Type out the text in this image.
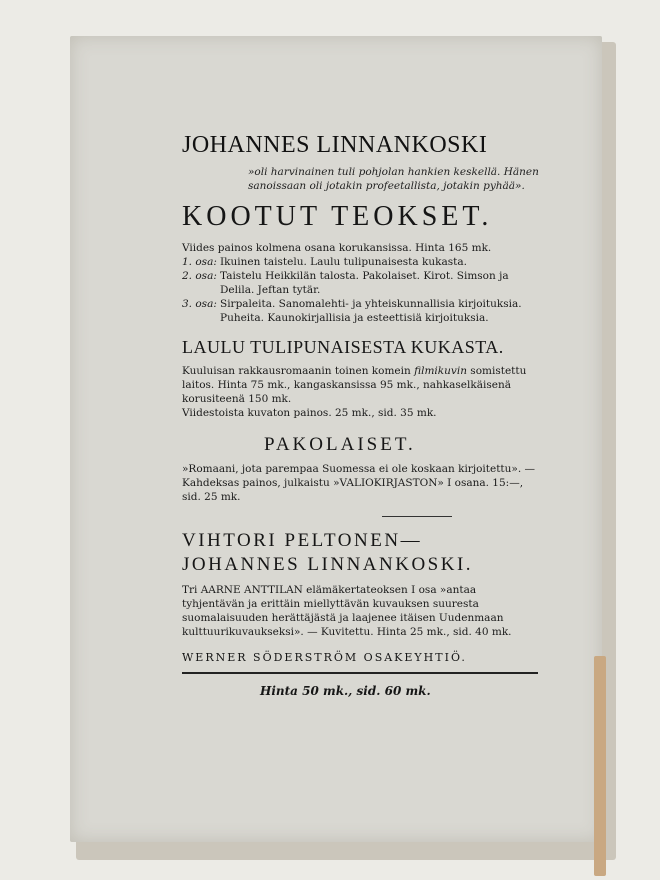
JOHANNES LINNANKOSKI
»oli harvinainen tuli pohjolan hankien keskellä. Hänen sanoissaan oli jotakin profeetallista, jotakin pyhää».
KOOTUT TEOKSET.
Viides painos kolmena osana korukansissa. Hinta 165 mk.
1. osa: Ikuinen taistelu. Laulu tulipunaisesta kukasta.
2. osa: Taistelu Heikkilän talosta. Pakolaiset. Kirot. Simson ja Delila. Jeftan tytär.
3. osa: Sirpaleita. Sanomalehti- ja yhteiskunnallisia kirjoituksia. Puheita. Kaunokirjallisia ja esteettisiä kirjoituksia.
LAULU TULIPUNAISESTA KUKASTA.
Kuuluisan rakkausromaanin toinen komein filmikuvin somistettu laitos. Hinta 75 mk., kangaskansissa 95 mk., nahkaselkäisenä korusiteenä 150 mk.
Viidestoista kuvaton painos. 25 mk., sid. 35 mk.
PAKOLAISET.
»Romaani, jota parempaa Suomessa ei ole koskaan kirjoitettu». — Kahdeksas painos, julkaistu »VALIOKIRJASTON» I osana. 15:—, sid. 25 mk.
VIHTORI PELTONEN—
JOHANNES LINNANKOSKI.
Tri AARNE ANTTILAN elämäkertateoksen I osa »antaa tyhjentävän ja erittäin miellyttävän kuvauksen suuresta suomalaisuuden herättäjästä ja laajenee itäisen Uudenmaan kulttuurikuvaukseksi». — Kuvitettu. Hinta 25 mk., sid. 40 mk.
WERNER SÖDERSTRÖM OSAKEYHTIÖ.
Hinta 50 mk., sid. 60 mk.
